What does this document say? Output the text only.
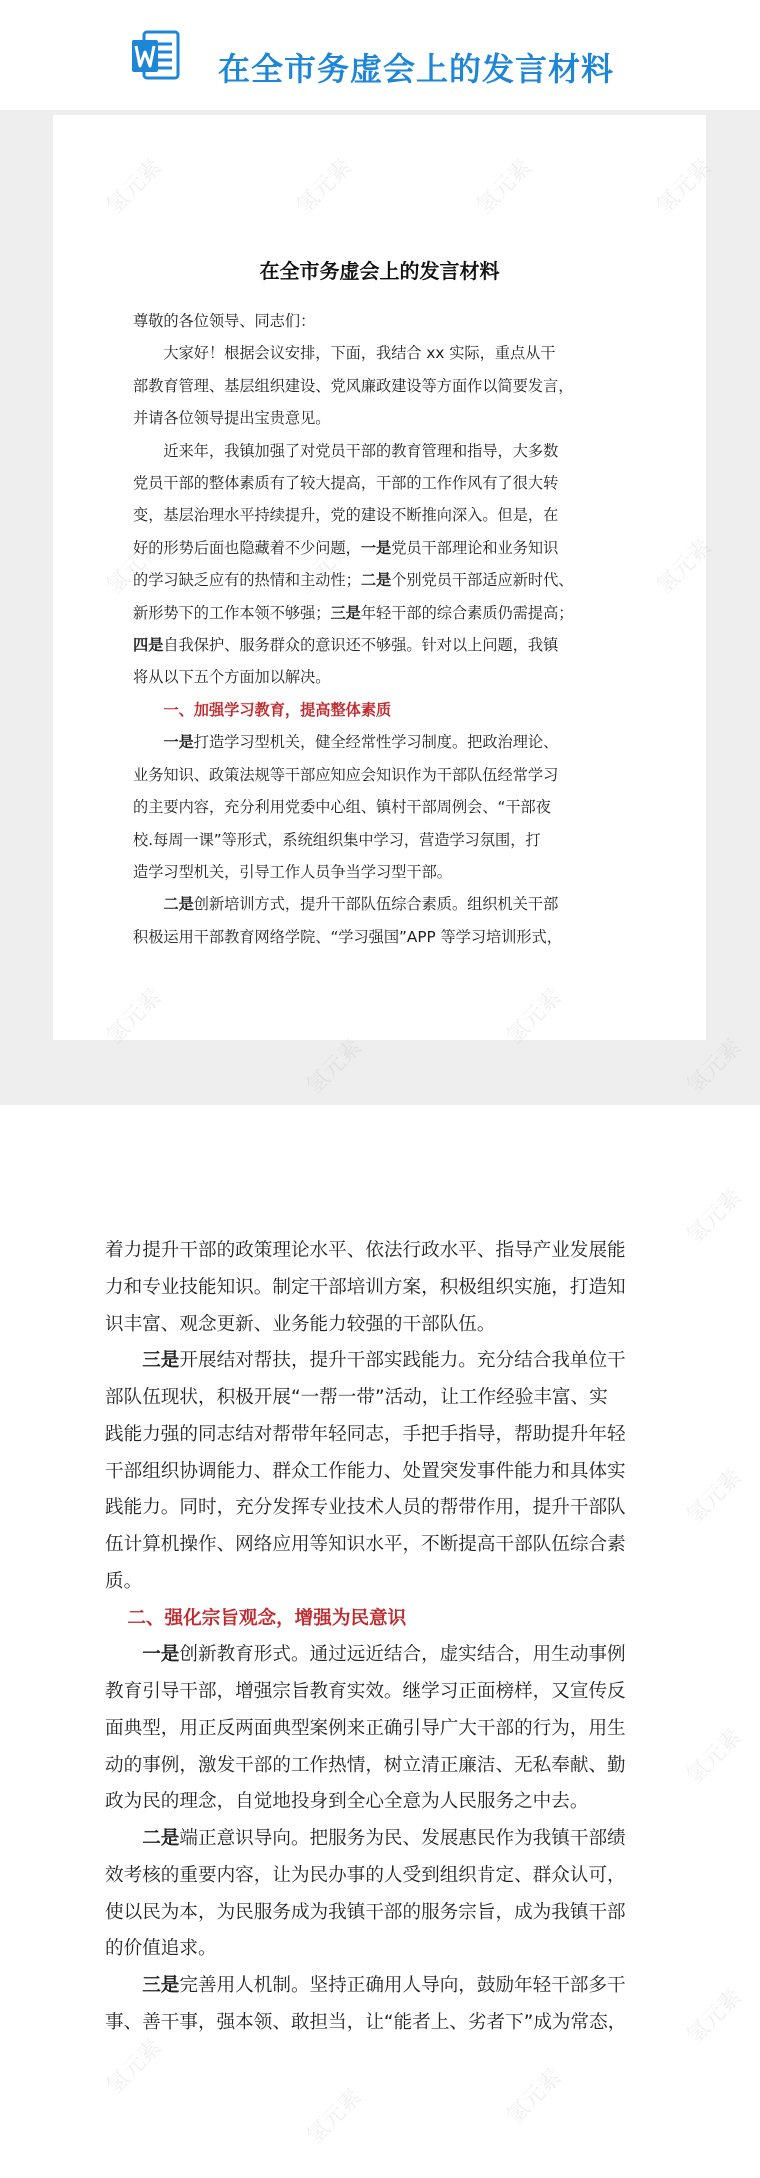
在全市务虚会上的发言材料
在全市务虚会上的发言材料
尊敬的各位领导、同志们：
大家好！根据会议安排，下面，我结合 xx 实际，重点从干
部教育管理、基层组织建设、党风廉政建设等方面作以简要发言，
并请各位领导提出宝贵意见。
近来年，我镇加强了对党员干部的教育管理和指导，大多数
党员干部的整体素质有了较大提高，干部的工作作风有了很大转
变，基层治理水平持续提升，党的建设不断推向深入。但是，在
好的形势后面也隐藏着不少问题，一是党员干部理论和业务知识
的学习缺乏应有的热情和主动性；二是个别党员干部适应新时代、
新形势下的工作本领不够强；三是年轻干部的综合素质仍需提高；
四是自我保护、服务群众的意识还不够强。针对以上问题，我镇
将从以下五个方面加以解决。
一、加强学习教育，提高整体素质
一是打造学习型机关，健全经常性学习制度。把政治理论、
业务知识、政策法规等干部应知应会知识作为干部队伍经常学习
的主要内容，充分利用党委中心组、镇村干部周例会、“干部夜
校.每周一课”等形式，系统组织集中学习，营造学习氛围，打
造学习型机关，引导工作人员争当学习型干部。
二是创新培训方式，提升干部队伍综合素质。组织机关干部
积极运用干部教育网络学院、“学习强国”APP 等学习培训形式，
着力提升干部的政策理论水平、依法行政水平、指导产业发展能
力和专业技能知识。制定干部培训方案，积极组织实施，打造知
识丰富、观念更新、业务能力较强的干部队伍。
三是开展结对帮扶，提升干部实践能力。充分结合我单位干
部队伍现状，积极开展“一帮一带”活动，让工作经验丰富、实
践能力强的同志结对帮带年轻同志，手把手指导，帮助提升年轻
干部组织协调能力、群众工作能力、处置突发事件能力和具体实
践能力。同时，充分发挥专业技术人员的帮带作用，提升干部队
伍计算机操作、网络应用等知识水平，不断提高干部队伍综合素
质。
二、强化宗旨观念，增强为民意识
一是创新教育形式。通过远近结合，虚实结合，用生动事例
教育引导干部，增强宗旨教育实效。继学习正面榜样，又宣传反
面典型，用正反两面典型案例来正确引导广大干部的行为，用生
动的事例，激发干部的工作热情，树立清正廉洁、无私奉献、勤
政为民的理念，自觉地投身到全心全意为人民服务之中去。
二是端正意识导向。把服务为民、发展惠民作为我镇干部绩
效考核的重要内容，让为民办事的人受到组织肯定、群众认可，
使以民为本，为民服务成为我镇干部的服务宗旨，成为我镇干部
的价值追求。
三是完善用人机制。坚持正确用人导向，鼓励年轻干部多干
事、善干事，强本领、敢担当，让“能者上、劣者下”成为常态，
氢元素
氢元素
氢元素
氢元素
氢元素
氢元素	氢元素
